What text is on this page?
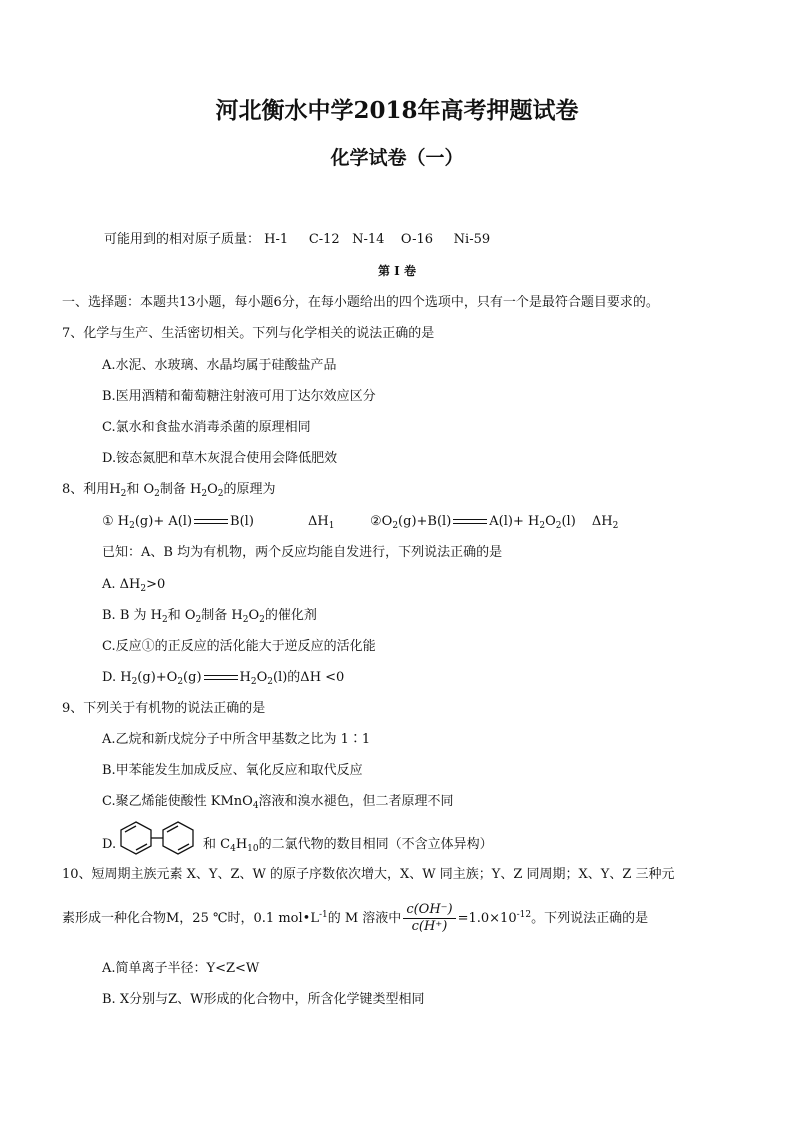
河北衡水中学2018年高考押题试卷
化学试卷（一）
可能用到的相对原子质量： H-1     C-12   N-14    O-16     Ni-59
第 I 卷
一、选择题：本题共13小题，每小题6分，在每小题给出的四个选项中，只有一个是最符合题目要求的。
7、化学与生产、生活密切相关。下列与化学相关的说法正确的是
A.水泥、水玻璃、水晶均属于硅酸盐产品
B.医用酒精和葡萄糖注射液可用丁达尔效应区分
C.氯水和食盐水消毒杀菌的原理相同
D.铵态氮肥和草木灰混合使用会降低肥效
8、利用$H_2$和 $O_2$制备 $H_2O_2$的原理为
① $H_2(g)+ A(l)$	B(l)	$\Delta H_1$	$②O_2(g)+B(l)$	$A(l)+ H_2O_2(l)$ $\Delta H_2$
已知：A、B 均为有机物，两个反应均能自发进行，下列说法正确的是
A. $\Delta H_2>0$
B. B 为 $H_2$和 $O_2$制备 $H_2O_2$的催化剂
C.反应①的正反应的活化能大于逆反应的活化能
D. $H_2(g)+O_2(g)$	$H_2O_2(l)$的ΔH <0
9、下列关于有机物的说法正确的是
A.乙烷和新戊烷分子中所含甲基数之比为 1∶1
B.甲苯能发生加成反应、氧化反应和取代反应
C.聚乙烯能使酸性 KMnO$_4$溶液和溴水褪色，但二者原理不同
D.	和 $C_4H_{10}$的二氯代物的数目相同（不含立体异构）
10、短周期主族元素 X、Y、Z、W 的原子序数依次增大，X、W 同主族；Y、Z 同周期；X、Y、Z 三种元
素形成一种化合物M，25 ℃时，0.1 $mol•L^{-1}$的 M 溶液中 $\frac{c(OH^-)}{c(H^+)} =1.0\times 10^{-12}$。下列说法正确的是
A.简单离子半径：Y<Z<W
B. X分别与Z、W形成的化合物中，所含化学键类型相同
